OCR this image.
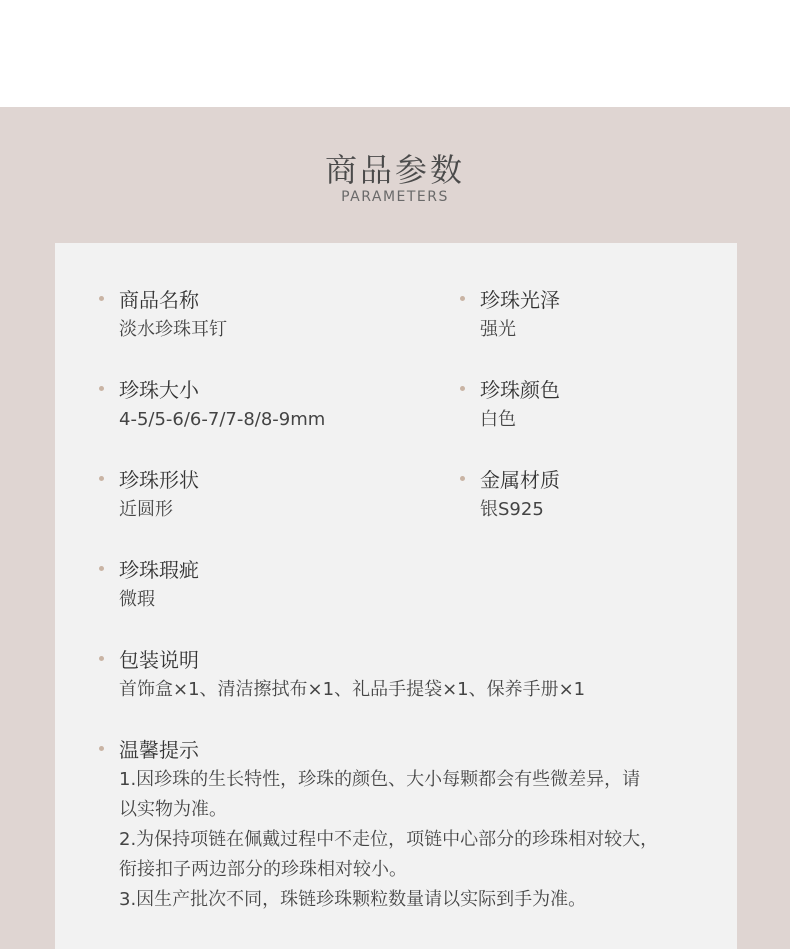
商品参数
PARAMETERS
商品名称
淡水珍珠耳钉
珍珠光泽
强光
珍珠大小
4-5/5-6/6-7/7-8/8-9mm
珍珠颜色
白色
珍珠形状
近圆形
金属材质
银S925
珍珠瑕疵
微瑕
包装说明
首饰盒×1、清洁擦拭布×1、礼品手提袋×1、保养手册×1
温馨提示
1.因珍珠的生长特性，珍珠的颜色、大小每颗都会有些微差异，请
以实物为准。
2.为保持项链在佩戴过程中不走位，项链中心部分的珍珠相对较大，
衔接扣子两边部分的珍珠相对较小。
3.因生产批次不同，珠链珍珠颗粒数量请以实际到手为准。
